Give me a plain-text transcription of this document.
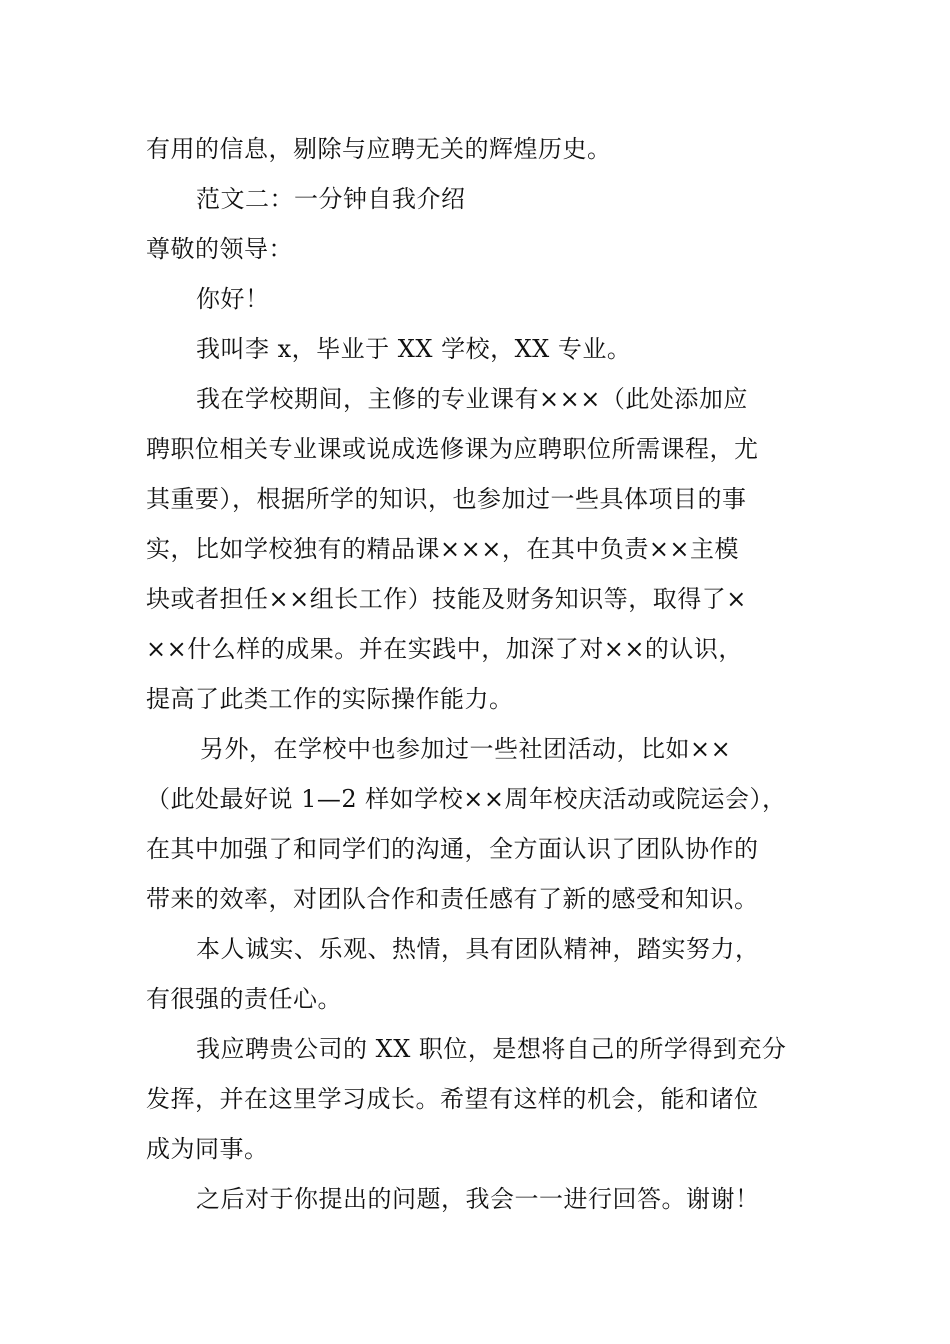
有用的信息，剔除与应聘无关的辉煌历史。
范文二：一分钟自我介绍
尊敬的领导：
你好！
我叫李 x，毕业于 XX 学校，XX 专业。
我在学校期间，主修的专业课有×××（此处添加应
聘职位相关专业课或说成选修课为应聘职位所需课程，尤
其重要），根据所学的知识，也参加过一些具体项目的事
实，比如学校独有的精品课×××，在其中负责××主模
块或者担任××组长工作）技能及财务知识等，取得了×
××什么样的成果。并在实践中，加深了对××的认识，
提高了此类工作的实际操作能力。
另外，在学校中也参加过一些社团活动，比如××
（此处最好说 1—2 样如学校××周年校庆活动或院运会），
在其中加强了和同学们的沟通，全方面认识了团队协作的
带来的效率，对团队合作和责任感有了新的感受和知识。
本人诚实、乐观、热情，具有团队精神，踏实努力，
有很强的责任心。
我应聘贵公司的 XX 职位，是想将自己的所学得到充分
发挥，并在这里学习成长。希望有这样的机会，能和诸位
成为同事。
之后对于你提出的问题，我会一一进行回答。谢谢！
